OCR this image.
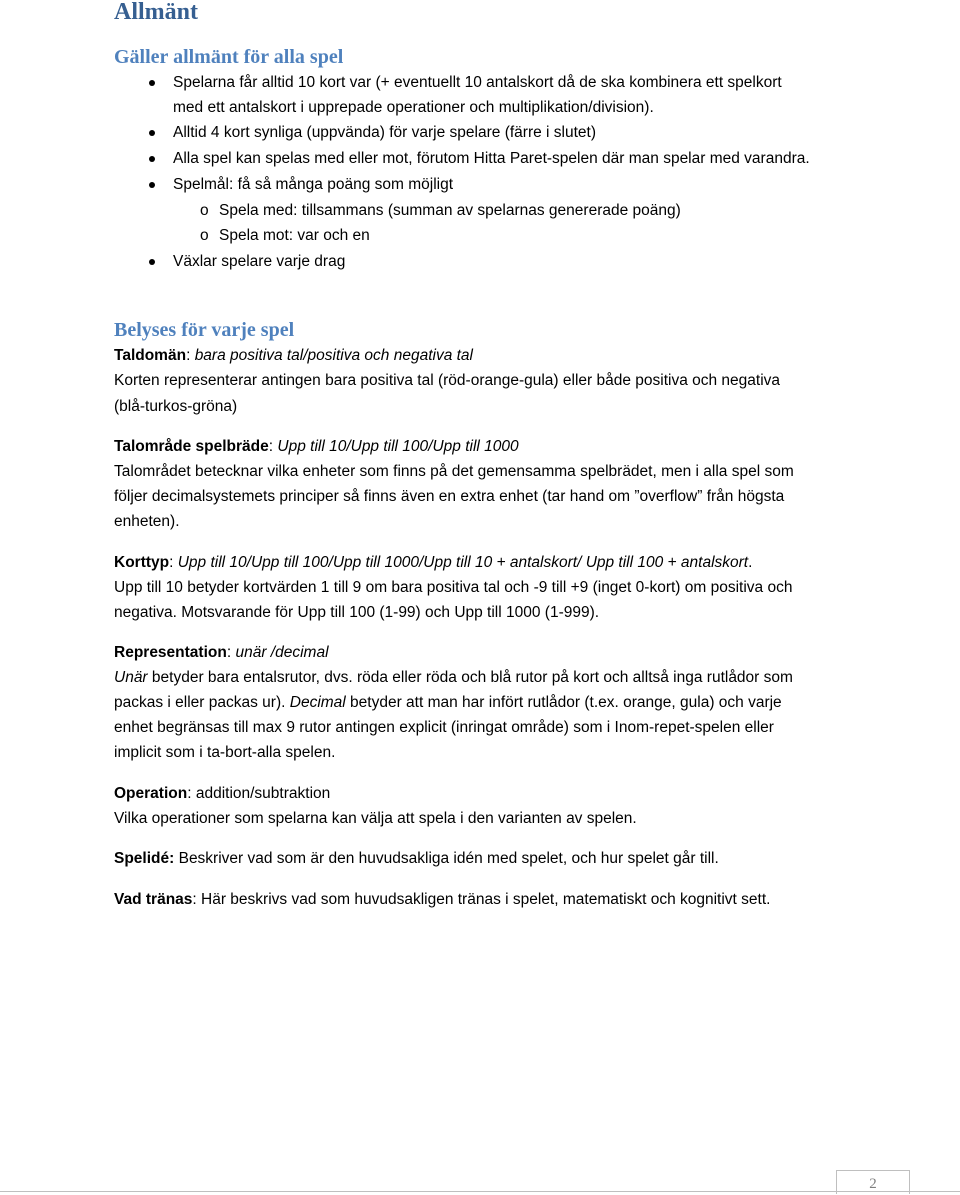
Allmänt
Gäller allmänt för alla spel
Spelarna får alltid 10 kort var (+ eventuellt 10 antalskort då de ska kombinera ett spelkort
med ett antalskort i upprepade operationer och multiplikation/division).
Alltid 4 kort synliga (uppvända) för varje spelare (färre i slutet)
Alla spel kan spelas med eller mot, förutom Hitta Paret-spelen där man spelar med varandra.
Spelmål: få så många poäng som möjligt
o Spela med: tillsammans (summan av spelarnas genererade poäng)
o Spela mot: var och en
Växlar spelare varje drag
Belyses för varje spel
Taldomän: bara positiva tal/positiva och negativa tal
Korten representerar antingen bara positiva tal (röd-orange-gula) eller både positiva och negativa
(blå-turkos-gröna)
Talområde spelbräde: Upp till 10/Upp till 100/Upp till 1000
Talområdet betecknar vilka enheter som finns på det gemensamma spelbrädet, men i alla spel som
följer decimalsystemets principer så finns även en extra enhet (tar hand om ”overflow” från högsta
enheten).
Korttyp: Upp till 10/Upp till 100/Upp till 1000/Upp till 10 + antalskort/ Upp till 100 + antalskort.
Upp till 10 betyder kortvärden 1 till 9 om bara positiva tal och -9 till +9 (inget 0-kort) om positiva och
negativa. Motsvarande för Upp till 100 (1-99) och Upp till 1000 (1-999).
Representation: unär /decimal
Unär betyder bara entalsrutor, dvs. röda eller röda och blå rutor på kort och alltså inga rutlådor som
packas i eller packas ur). Decimal betyder att man har infört rutlådor (t.ex. orange, gula) och varje
enhet begränsas till max 9 rutor antingen explicit (inringat område) som i Inom-repet-spelen eller
implicit som i ta-bort-alla spelen.
Operation: addition/subtraktion
Vilka operationer som spelarna kan välja att spela i den varianten av spelen.
Spelidé: Beskriver vad som är den huvudsakliga idén med spelet, och hur spelet går till.
Vad tränas: Här beskrivs vad som huvudsakligen tränas i spelet, matematiskt och kognitivt sett.
2
